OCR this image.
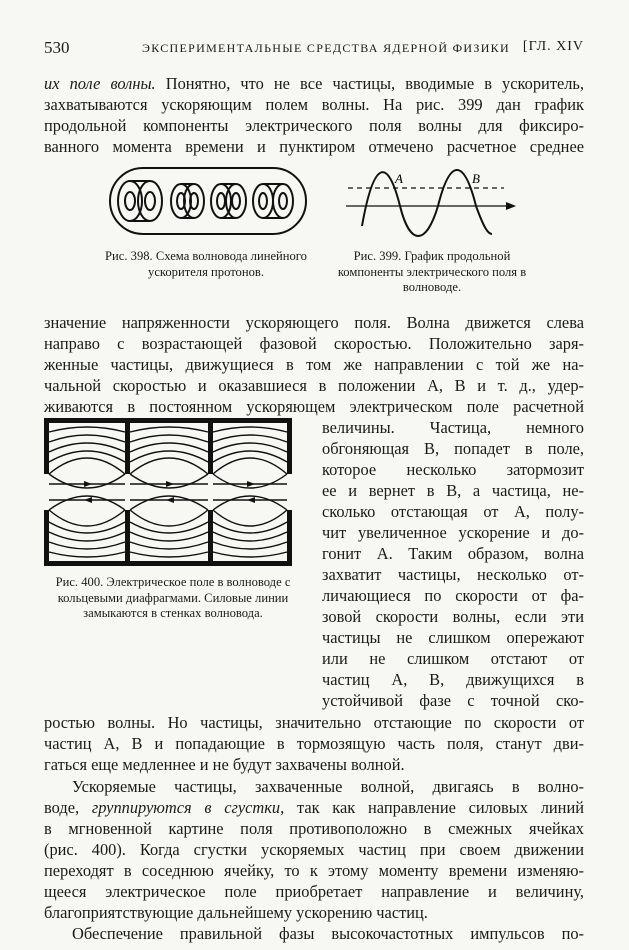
530	ЭКСПЕРИМЕНТАЛЬНЫЕ СРЕДСТВА ЯДЕРНОЙ ФИЗИКИ [ГЛ. XIV
их поле волны. Понятно, что не все частицы, вводимые в ускоритель,
захватываются ускоряющим полем волны. На рис. 399 дан график
продольной компоненты электрического поля волны для фиксиро-
ванного момента времени и пунктиром отмечено расчетное среднее
Рис. 398. Схема волновода линейного ускорителя протонов.
A	B
Рис. 399. График продольной компоненты электрического поля в волноводе.
значение напряженности ускоряющего поля. Волна движется слева
направо с возрастающей фазовой скоростью. Положительно заря-
женные частицы, движущиеся в том же направлении с той же на-
чальной скоростью и оказавшиеся в положении А, В и т. д., удер-
живаются в постоянном ускоряющем электрическом поле расчетной
Рис. 400. Электрическое поле в волноводе с кольцевыми диафрагмами. Силовые линии замыкаются в стенках волновода.
величины. Частица, немного
обгоняющая В, попадет в поле,
которое несколько затормозит
ее и вернет в В, а частица, не-
сколько отстающая от А, полу-
чит увеличенное ускорение и до-
гонит А. Таким образом, волна
захватит частицы, несколько от-
личающиеся по скорости от фа-
зовой скорости волны, если эти
частицы не слишком опережают
или не слишком отстают от
частиц А, В, движущихся в
устойчивой фазе с точной ско-
ростью волны. Но частицы, значительно отстающие по скорости от
частиц А, В и попадающие в тормозящую часть поля, станут дви-
гаться еще медленнее и не будут захвачены волной.
Ускоряемые частицы, захваченные волной, двигаясь в волно-
воде, группируются в сгустки, так как направление силовых линий
в мгновенной картине поля противоположно в смежных ячейках
(рис. 400). Когда сгустки ускоряемых частиц при своем движении
переходят в соседнюю ячейку, то к этому моменту времени изменяю-
щееся электрическое поле приобретает направление и величину,
благоприятствующие дальнейшему ускорению частиц.
Обеспечение правильной фазы высокочастотных импульсов по-
